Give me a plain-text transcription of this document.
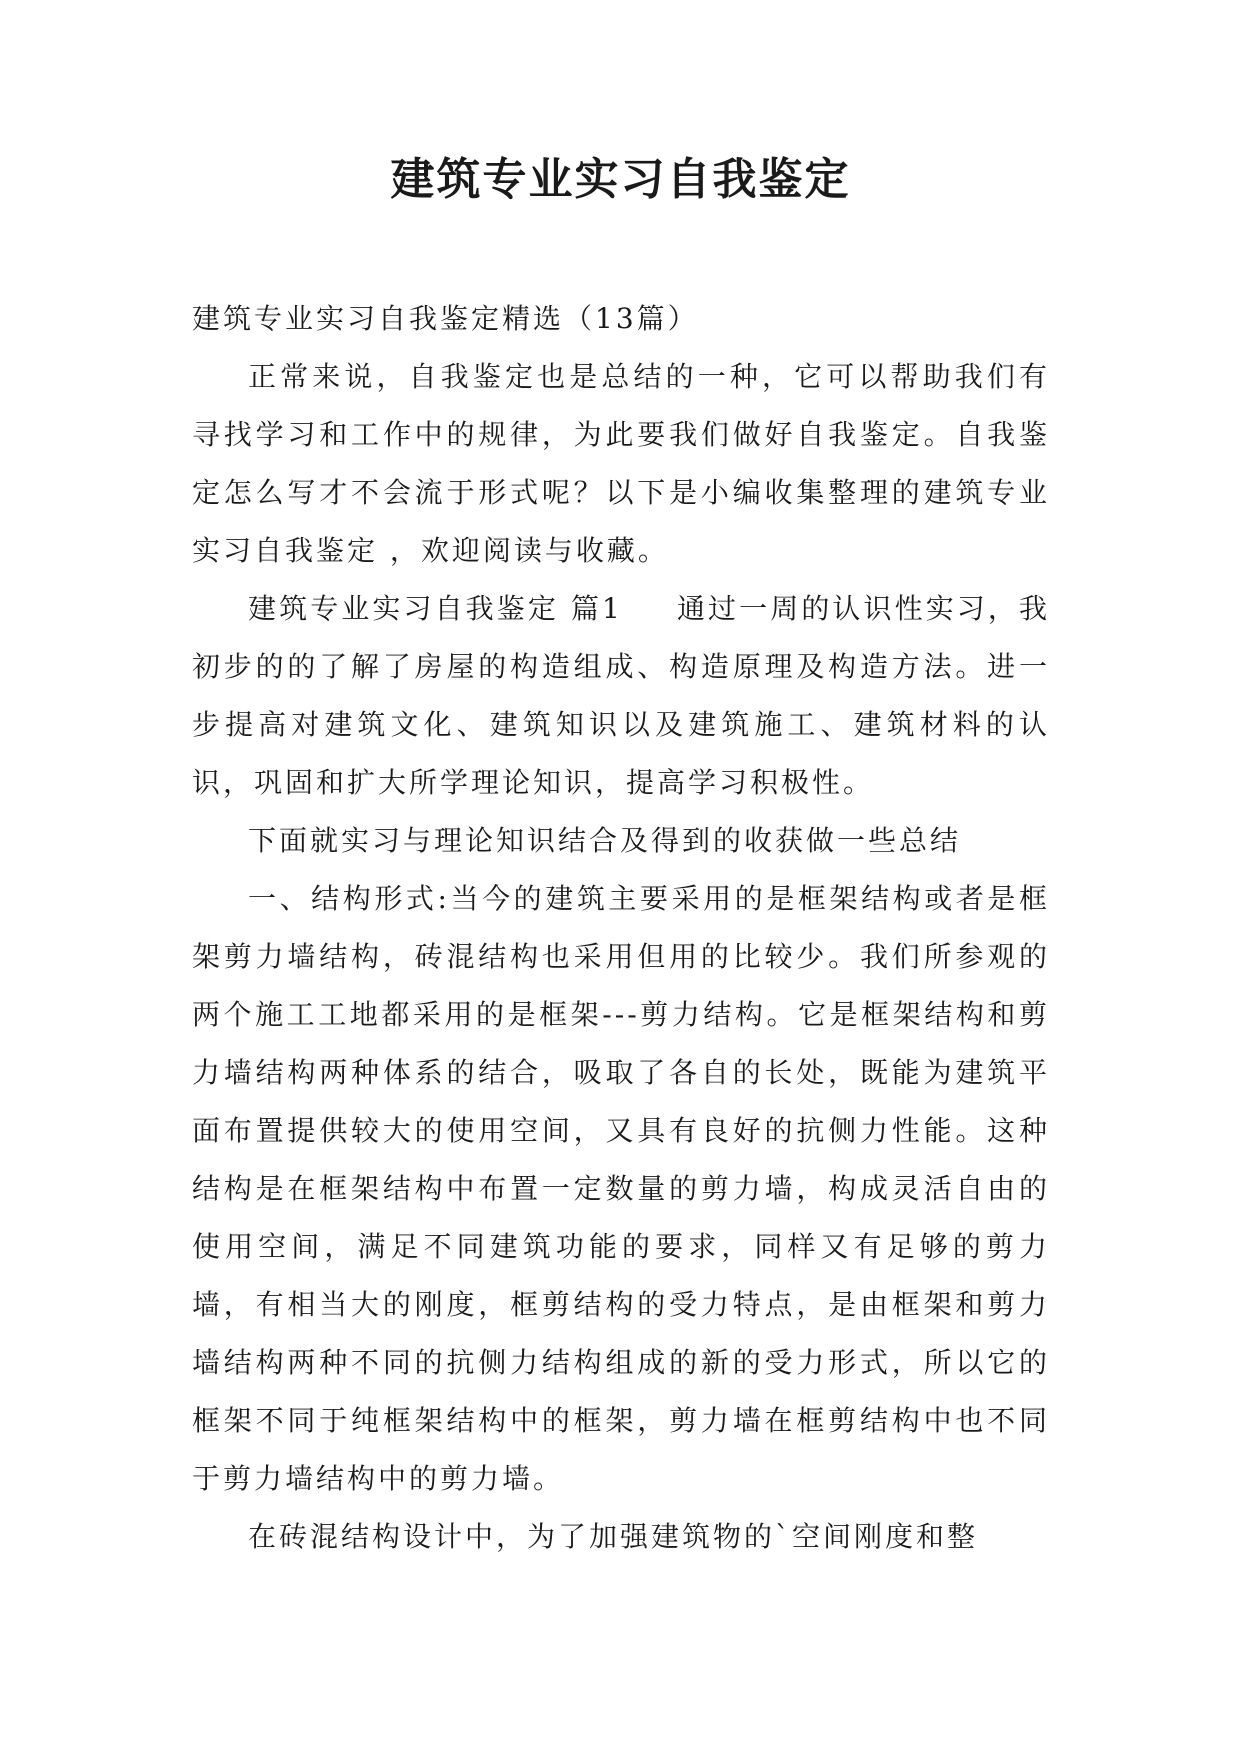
建筑专业实习自我鉴定

建筑专业实习自我鉴定精选（13篇）

正常来说，自我鉴定也是总结的一种，它可以帮助我们有寻找学习和工作中的规律，为此要我们做好自我鉴定。自我鉴定怎么写才不会流于形式呢？以下是小编收集整理的建筑专业实习自我鉴定 ，欢迎阅读与收藏。

建筑专业实习自我鉴定 篇1 通过一周的认识性实习，我初步的的了解了房屋的构造组成、构造原理及构造方法。进一步提高对建筑文化、建筑知识以及建筑施工、建筑材料的认识，巩固和扩大所学理论知识，提高学习积极性。

下面就实习与理论知识结合及得到的收获做一些总结

一、结构形式:当今的建筑主要采用的是框架结构或者是框架剪力墙结构，砖混结构也采用但用的比较少。我们所参观的两个施工工地都采用的是框架---剪力结构。它是框架结构和剪力墙结构两种体系的结合，吸取了各自的长处，既能为建筑平面布置提供较大的使用空间，又具有良好的抗侧力性能。这种结构是在框架结构中布置一定数量的剪力墙，构成灵活自由的使用空间，满足不同建筑功能的要求，同样又有足够的剪力墙，有相当大的刚度，框剪结构的受力特点，是由框架和剪力墙结构两种不同的抗侧力结构组成的新的受力形式，所以它的框架不同于纯框架结构中的框架，剪力墙在框剪结构中也不同于剪力墙结构中的剪力墙。

在砖混结构设计中，为了加强建筑物的`空间刚度和整
